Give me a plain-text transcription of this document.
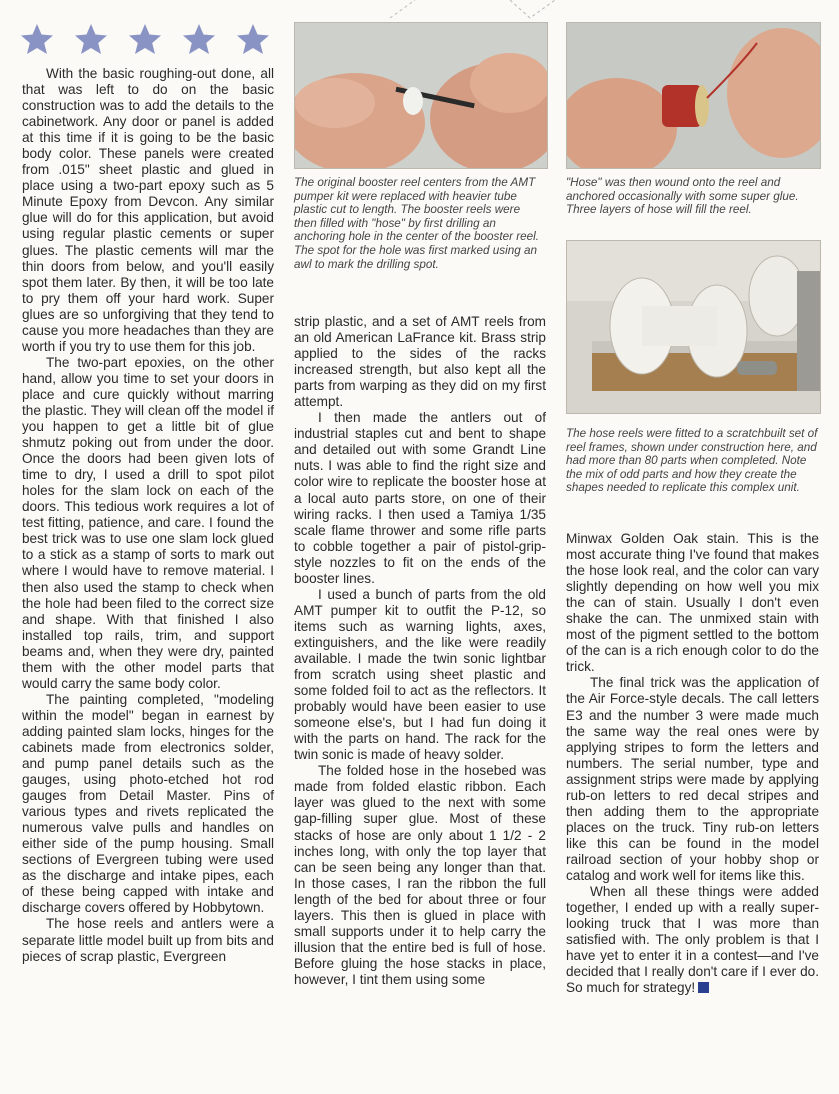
With the basic roughing-out done, all that was left to do on the basic construction was to add the details to the cabinetwork. Any door or panel is added at this time if it is going to be the basic body color. These panels were created from .015" sheet plastic and glued in place using a two-part epoxy such as 5 Minute Epoxy from Devcon. Any similar glue will do for this application, but avoid using regular plastic cements or super glues. The plastic cements will mar the thin doors from below, and you'll easily spot them later. By then, it will be too late to pry them off your hard work. Super glues are so unforgiving that they tend to cause you more headaches than they are worth if you try to use them for this job.

The two-part epoxies, on the other hand, allow you time to set your doors in place and cure quickly without marring the plastic. They will clean off the model if you happen to get a little bit of glue shmutz poking out from under the door. Once the doors had been given lots of time to dry, I used a drill to spot pilot holes for the slam lock on each of the doors. This tedious work requires a lot of test fitting, patience, and care. I found the best trick was to use one slam lock glued to a stick as a stamp of sorts to mark out where I would have to remove material. I then also used the stamp to check when the hole had been filed to the correct size and shape. With that finished I also installed top rails, trim, and support beams and, when they were dry, painted them with the other model parts that would carry the same body color.

The painting completed, "modeling within the model" began in earnest by adding painted slam locks, hinges for the cabinets made from electronics solder, and pump panel details such as the gauges, using photo-etched hot rod gauges from Detail Master. Pins of various types and rivets replicated the numerous valve pulls and handles on either side of the pump housing. Small sections of Evergreen tubing were used as the discharge and intake pipes, each of these being capped with intake and discharge covers offered by Hobbytown.

The hose reels and antlers were a separate little model built up from bits and pieces of scrap plastic, Evergreen

The original booster reel centers from the AMT pumper kit were replaced with heavier tube plastic cut to length. The booster reels were then filled with "hose" by first drilling an anchoring hole in the center of the booster reel. The spot for the hole was first marked using an awl to mark the drilling spot.

strip plastic, and a set of AMT reels from an old American LaFrance kit. Brass strip applied to the sides of the racks increased strength, but also kept all the parts from warping as they did on my first attempt.

I then made the antlers out of industrial staples cut and bent to shape and detailed out with some Grandt Line nuts. I was able to find the right size and color wire to replicate the booster hose at a local auto parts store, on one of their wiring racks. I then used a Tamiya 1/35 scale flame thrower and some rifle parts to cobble together a pair of pistol-grip-style nozzles to fit on the ends of the booster lines.

I used a bunch of parts from the old AMT pumper kit to outfit the P-12, so items such as warning lights, axes, extinguishers, and the like were readily available. I made the twin sonic lightbar from scratch using sheet plastic and some folded foil to act as the reflectors. It probably would have been easier to use someone else's, but I had fun doing it with the parts on hand. The rack for the twin sonic is made of heavy solder.

The folded hose in the hosebed was made from folded elastic ribbon. Each layer was glued to the next with some gap-filling super glue. Most of these stacks of hose are only about 1 1/2 - 2 inches long, with only the top layer that can be seen being any longer than that. In those cases, I ran the ribbon the full length of the bed for about three or four layers. This then is glued in place with small supports under it to help carry the illusion that the entire bed is full of hose. Before gluing the hose stacks in place, however, I tint them using some

"Hose" was then wound onto the reel and anchored occasionally with some super glue. Three layers of hose will fill the reel.
The hose reels were fitted to a scratchbuilt set of reel frames, shown under construction here, and had more than 80 parts when completed. Note the mix of odd parts and how they create the shapes needed to replicate this complex unit.

Minwax Golden Oak stain. This is the most accurate thing I've found that makes the hose look real, and the color can vary slightly depending on how well you mix the can of stain. Usually I don't even shake the can. The unmixed stain with most of the pigment settled to the bottom of the can is a rich enough color to do the trick.

The final trick was the application of the Air Force-style decals. The call letters E3 and the number 3 were made much the same way the real ones were by applying stripes to form the letters and numbers. The serial number, type and assignment strips were made by applying rub-on letters to red decal stripes and then adding them to the appropriate places on the truck. Tiny rub-on letters like this can be found in the model railroad section of your hobby shop or catalog and work well for items like this.

When all these things were added together, I ended up with a really super-looking truck that I was more than satisfied with. The only problem is that I have yet to enter it in a contest—and I've decided that I really don't care if I ever do. So much for strategy!
